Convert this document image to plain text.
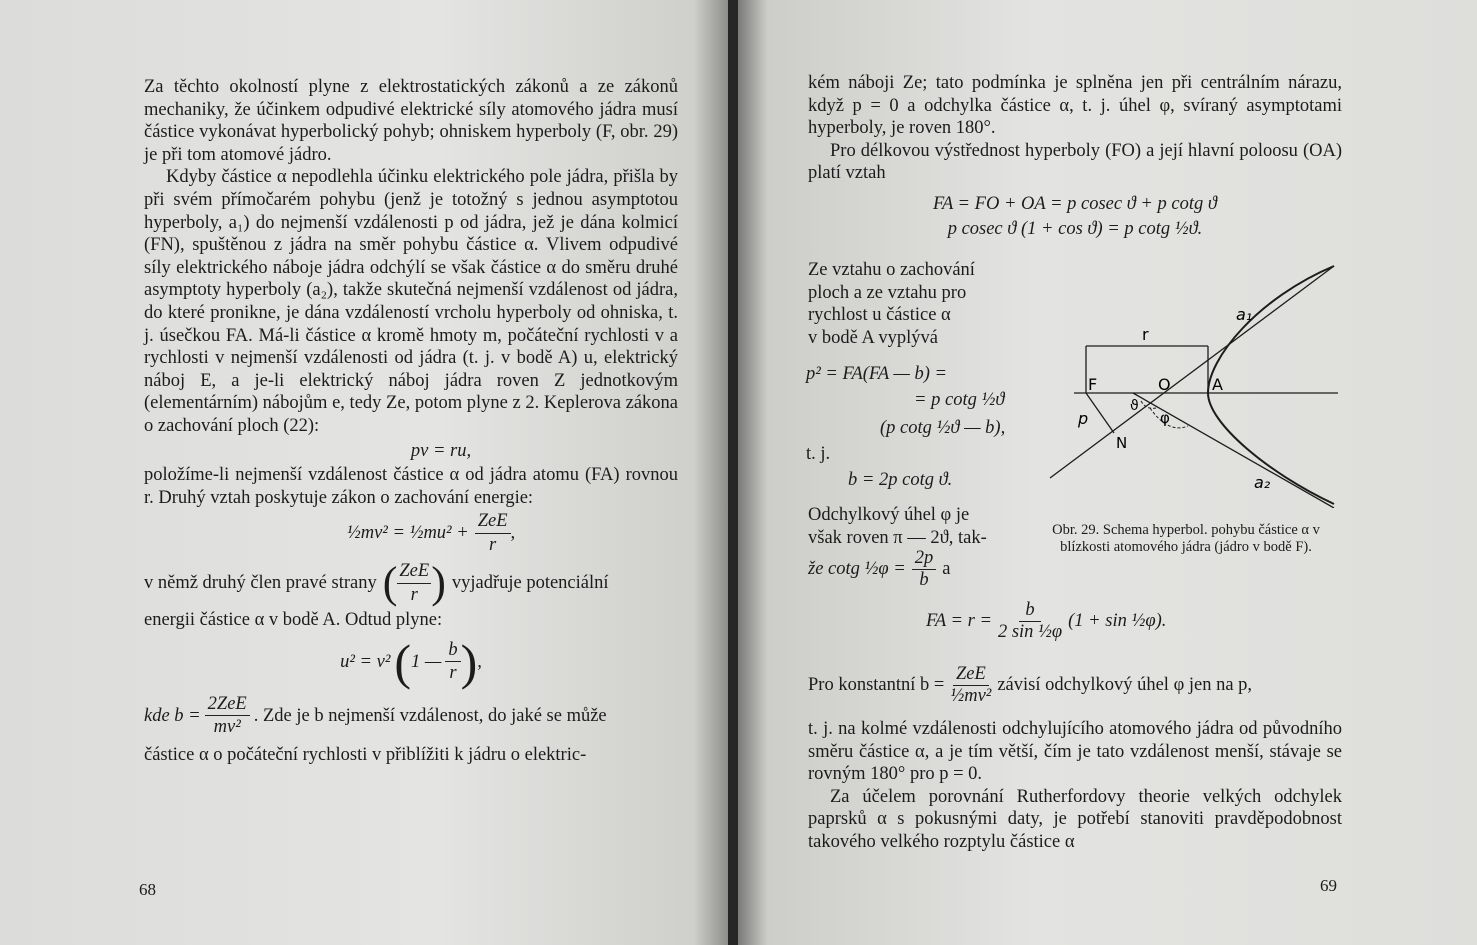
Za těchto okolností plyne z elektrostatických zákonů a ze zákonů mechaniky, že účinkem odpudivé elektrické síly atomového jádra musí částice vykonávat hyperbolický pohyb; ohniskem hyperboly (F, obr. 29) je při tom atomové jádro.

Kdyby částice α nepodlehla účinku elektrického pole jádra, přišla by při svém přímočarém pohybu (jenž je totožný s jednou asymptotou hyperboly, a₁) do nejmenší vzdálenosti p od jádra, jež je dána kolmicí (FN), spuštěnou z jádra na směr pohybu částice α. Vlivem odpudivé síly elektrického náboje jádra odchýlí se však částice α do směru druhé asymptoty hyperboly (a₂), takže skutečná nejmenší vzdálenost od jádra, do které pronikne, je dána vzdáleností vrcholu hyperboly od ohniska, t. j. úsečkou FA. Má-li částice α kromě hmoty m, počáteční rychlosti v a rychlosti v nejmenší vzdálenosti od jádra (t. j. v bodě A) u, elektrický náboj E, a je-li elektrický náboj jádra roven Z jednotkovým (elementárním) nábojům e, tedy Ze, potom plyne z 2. Keplerova zákona o zachování ploch (22):

pv = ru,

položíme-li nejmenší vzdálenost částice α od jádra atomu (FA) rovnou r. Druhý vztah poskytuje zákon o zachování energie:

½mv² = ½mu² +
ZeE
r
,
v němž druhý člen pravé strany ( ZeE
r ) vyjadřuje potenciální

energii částice α v bodě A. Odtud plyne:

u² = v² ( 1 — $\frac{b}{r}$ ) ,
kde b =
2ZeE
mv²
. Zde je b nejmenší vzdálenost, do jaké se může

částice α o počáteční rychlosti v přiblížiti k jádru o elektric-

68

kém náboji Ze; tato podmínka je splněna jen při centrálním nárazu, když p = 0 a odchylka částice α, t. j. úhel φ, svíraný asymptotami hyperboly, je roven 180°.

Pro délkovou výstřednost hyperboly (FO) a její hlavní poloosu (OA) platí vztah

FA = FO + OA = p cosec ϑ + p cotg ϑ
p cosec ϑ (1 + cos ϑ) = p cotg ½ϑ.

Ze vztahu o zachování

ploch a ze vztahu pro

rychlost u částice α

v bodě A vyplývá

p² = FA(FA — b) =
= p cotg ½ϑ
(p cotg ½ϑ — b),
t. j.
b = 2p cotg ϑ.
Odchylkový úhel φ je
však roven π — 2ϑ, tak-
že cotg ½φ = $\frac{2p}{b}$ a
a₁
r
F	O	A
p
N
ϑ
φ
a₂
Obr. 29. Schema hyperbol. pohybu částice α v blízkosti atomového jádra (jádro v bodě F).
FA = $r = \frac{b}{\text{2 sin ½φ}} (1 + \sin$ ½φ).
Pro konstantní b =
ZeE
½mv²
závisí odchylkový úhel φ jen na p,

t. j. na kolmé vzdálenosti odchylujícího atomového jádra od původního směru částice α, a je tím větší, čím je tato vzdálenost menší, stávaje se rovným 180° pro p = 0.

Za účelem porovnání Rutherfordovy theorie velkých odchylek paprsků α s pokusnými daty, je potřebí stanoviti pravděpodobnost takového velkého rozptylu částice α

69
